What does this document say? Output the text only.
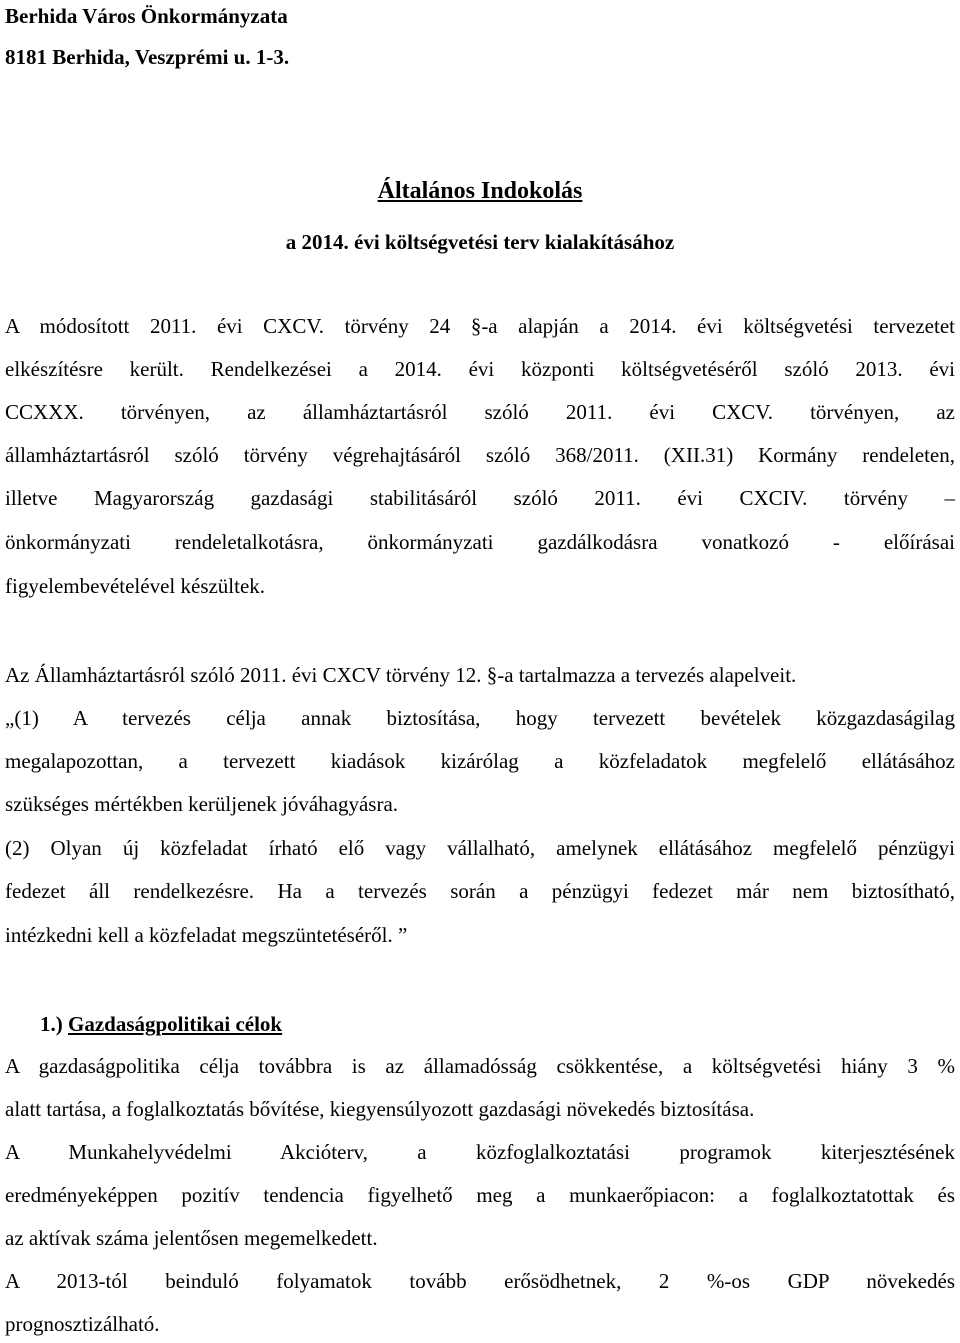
Berhida Város Önkormányzata
8181 Berhida, Veszprémi u. 1-3.
Általános Indokolás
a 2014. évi költségvetési terv kialakításához
A módosított 2011. évi CXCV. törvény 24 §-a alapján a 2014. évi költségvetési tervezetet
elkészítésre került. Rendelkezései a 2014. évi központi költségvetéséről szóló 2013. évi
CCXXX. törvényen, az államháztartásról szóló 2011. évi CXCV. törvényen, az
államháztartásról szóló törvény végrehajtásáról szóló 368/2011. (XII.31) Kormány rendeleten,
illetve Magyarország gazdasági stabilitásáról szóló 2011. évi CXCIV. törvény –
önkormányzati rendeletalkotásra, önkormányzati gazdálkodásra vonatkozó - előírásai
figyelembevételével készültek.
Az Államháztartásról szóló 2011. évi CXCV törvény 12. §-a tartalmazza a tervezés alapelveit.
„(1) A tervezés célja annak biztosítása, hogy tervezett bevételek közgazdaságilag
megalapozottan, a tervezett kiadások kizárólag a közfeladatok megfelelő ellátásához
szükséges mértékben kerüljenek jóváhagyásra.
(2) Olyan új közfeladat írható elő vagy vállalható, amelynek ellátásához megfelelő pénzügyi
fedezet áll rendelkezésre. Ha a tervezés során a pénzügyi fedezet már nem biztosítható,
intézkedni kell a közfeladat megszüntetéséről. ”
1.) Gazdaságpolitikai célok
A gazdaságpolitika célja továbbra is az államadósság csökkentése, a költségvetési hiány 3 %
alatt tartása, a foglalkoztatás bővítése, kiegyensúlyozott gazdasági növekedés biztosítása.
A Munkahelyvédelmi Akcióterv, a közfoglalkoztatási programok kiterjesztésének
eredményeképpen pozitív tendencia figyelhető meg a munkaerőpiacon: a foglalkoztatottak és
az aktívak száma jelentősen megemelkedett.
A 2013-tól beinduló folyamatok tovább erősödhetnek, 2 %-os GDP növekedés
prognosztizálható.
